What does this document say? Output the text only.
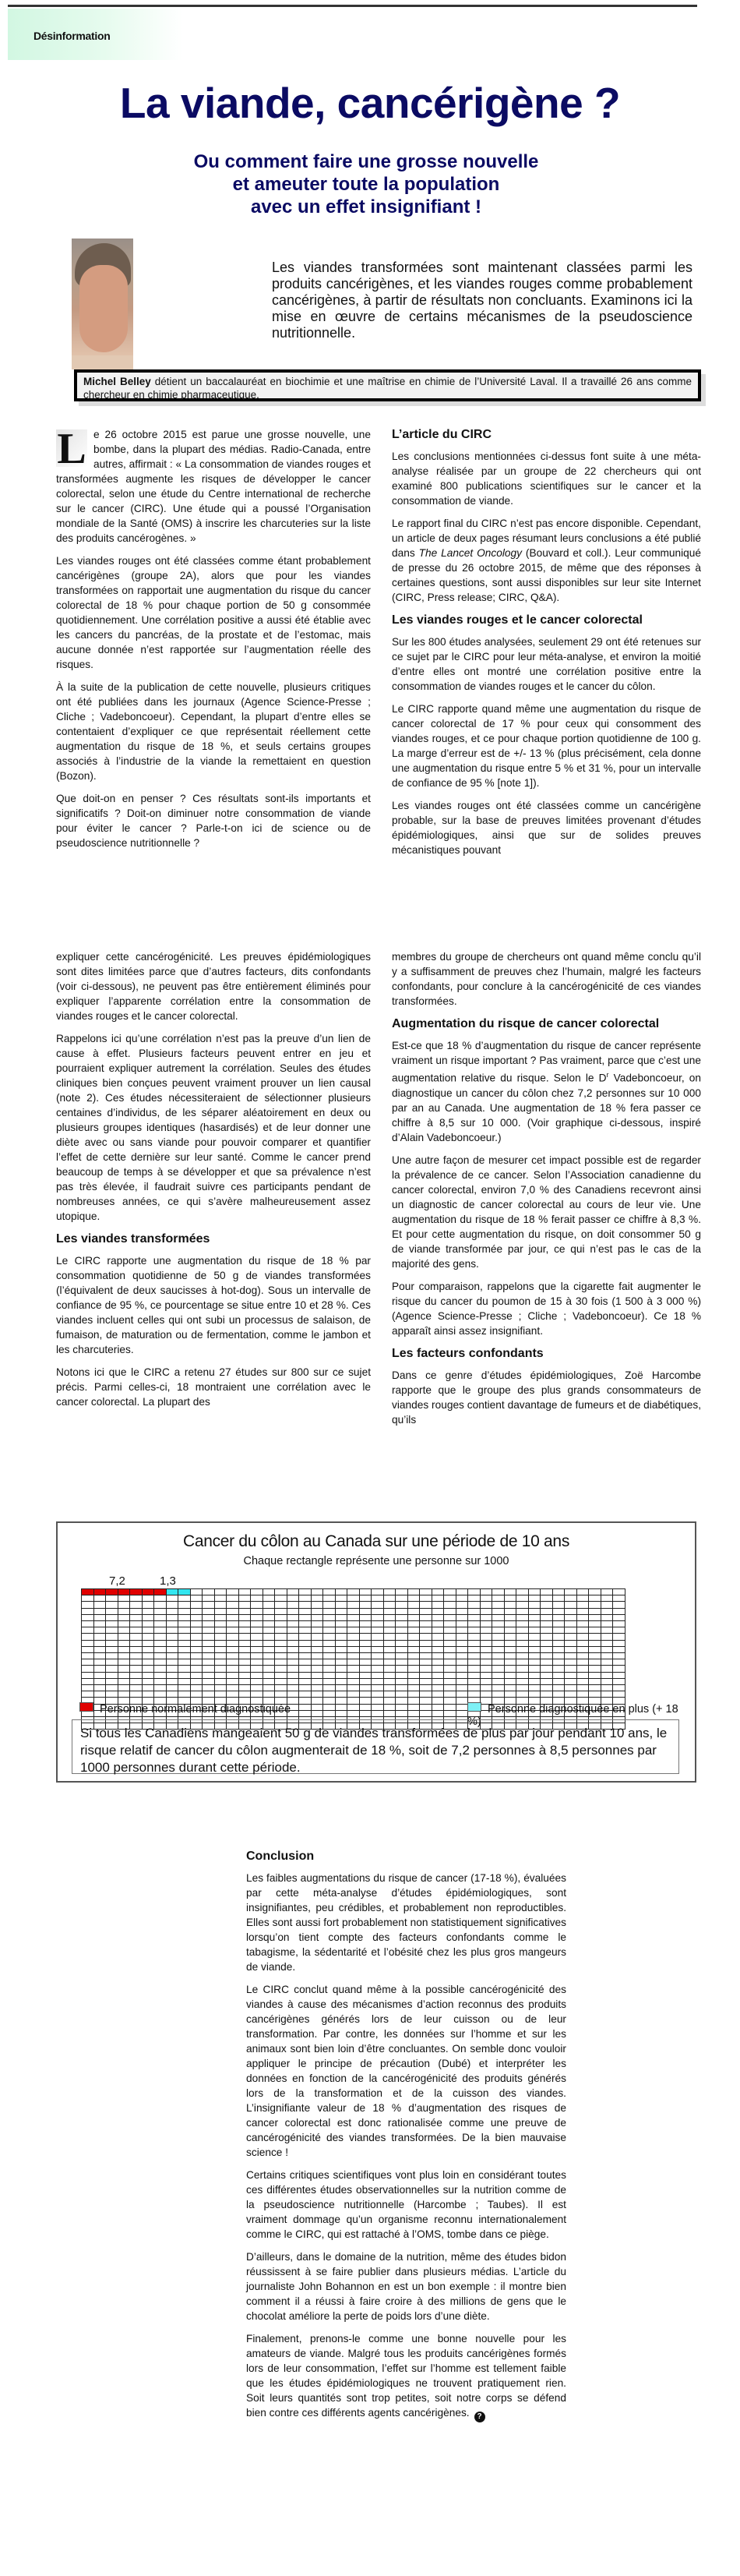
Désinformation
La viande, cancérigène ?
Ou comment faire une grosse nouvelle
et ameuter toute la population
avec un effet insignifiant !
Les viandes transformées sont maintenant classées parmi les produits cancérigènes, et les viandes rouges comme probablement cancérigènes, à partir de résultats non concluants. Examinons ici la mise en œuvre de certains mécanismes de la pseudoscience nutritionnelle.
Michel Belley détient un baccalauréat en biochimie et une maîtrise en chimie de l’Université Laval. Il a travaillé 26 ans comme chercheur en chimie pharmaceutique.

L e 26 octobre 2015 est parue une grosse nouvelle, une bombe, dans la plupart des médias. Radio-Canada, entre autres, affirmait : « La consommation de viandes rouges et transformées augmente les risques de développer le cancer colorectal, selon une étude du Centre international de recherche sur le cancer (CIRC). Une étude qui a poussé l’Organisation mondiale de la Santé (OMS) à inscrire les charcuteries sur la liste des produits cancérogènes. »

Les viandes rouges ont été classées comme étant probablement cancérigènes (groupe 2A), alors que pour les viandes transformées on rapportait une augmentation du risque du cancer colorectal de 18 % pour chaque portion de 50 g consommée quotidiennement. Une corrélation positive a aussi été établie avec les cancers du pancréas, de la prostate et de l’estomac, mais aucune donnée n’est rapportée sur l’augmentation réelle des risques.

À la suite de la publication de cette nouvelle, plusieurs critiques ont été publiées dans les journaux (Agence Science-Presse ; Cliche ; Vadeboncoeur). Cependant, la plupart d’entre elles se contentaient d’expliquer ce que représentait réellement cette augmentation du risque de 18 %, et seuls certains groupes associés à l’industrie de la viande la remettaient en question (Bozon).

Que doit-on en penser ? Ces résultats sont-ils importants et significatifs ? Doit-on diminuer notre consommation de viande pour éviter le cancer ? Parle-t-on ici de science ou de pseudoscience nutritionnelle ?

L’article du CIRC

Les conclusions mentionnées ci-dessus font suite à une méta-analyse réalisée par un groupe de 22 chercheurs qui ont examiné 800 publications scientifiques sur le cancer et la consommation de viande.

Le rapport final du CIRC n’est pas encore disponible. Cependant, un article de deux pages résumant leurs conclusions a été publié dans The Lancet Oncology (Bouvard et coll.). Leur communiqué de presse du 26 octobre 2015, de même que des réponses à certaines questions, sont aussi disponibles sur leur site Internet (CIRC, Press release; CIRC, Q&A).

Les viandes rouges et le cancer colorectal

Sur les 800 études analysées, seulement 29 ont été retenues sur ce sujet par le CIRC pour leur méta-analyse, et environ la moitié d’entre elles ont montré une corrélation positive entre la consommation de viandes rouges et le cancer du côlon.

Le CIRC rapporte quand même une augmentation du risque de cancer colorectal de 17 % pour ceux qui consomment des viandes rouges, et ce pour chaque portion quotidienne de 100 g. La marge d’erreur est de +/- 13 % (plus précisément, cela donne une augmentation du risque entre 5 % et 31 %, pour un intervalle de confiance de 95 % [note 1]).

Les viandes rouges ont été classées comme un cancérigène probable, sur la base de preuves limitées provenant d’études épidémiologiques, ainsi que sur de solides preuves mécanistiques pouvant

expliquer cette cancérogénicité. Les preuves épidémiologiques sont dites limitées parce que d’autres facteurs, dits confondants (voir ci-dessous), ne peuvent pas être entièrement éliminés pour expliquer l’apparente corrélation entre la consommation de viandes rouges et le cancer colorectal.

Rappelons ici qu’une corrélation n’est pas la preuve d’un lien de cause à effet. Plusieurs facteurs peuvent entrer en jeu et pourraient expliquer autrement la corrélation. Seules des études cliniques bien conçues peuvent vraiment prouver un lien causal (note 2). Ces études nécessiteraient de sélectionner plusieurs centaines d’individus, de les séparer aléatoirement en deux ou plusieurs groupes identiques (hasardisés) et de leur donner une diète avec ou sans viande pour pouvoir comparer et quantifier l’effet de cette dernière sur leur santé. Comme le cancer prend beaucoup de temps à se développer et que sa prévalence n’est pas très élevée, il faudrait suivre ces participants pendant de nombreuses années, ce qui s’avère malheureusement assez utopique.

Les viandes transformées

Le CIRC rapporte une augmentation du risque de 18 % par consommation quotidienne de 50 g de viandes transformées (l’équivalent de deux saucisses à hot-dog). Sous un intervalle de confiance de 95 %, ce pourcentage se situe entre 10 et 28 %. Ces viandes incluent celles qui ont subi un processus de salaison, de fumaison, de maturation ou de fermentation, comme le jambon et les charcuteries.

Notons ici que le CIRC a retenu 27 études sur 800 sur ce sujet précis. Parmi celles-ci, 18 montraient une corrélation avec le cancer colorectal. La plupart des

membres du groupe de chercheurs ont quand même conclu qu’il y a suffisamment de preuves chez l’humain, malgré les facteurs confondants, pour conclure à la cancérogénicité de ces viandes transformées.

Augmentation du risque de cancer colorectal

Est-ce que 18 % d’augmentation du risque de cancer représente vraiment un risque important ? Pas vraiment, parce que c’est une augmentation relative du risque. Selon le $D^r$ Vadeboncoeur, on diagnostique un cancer du côlon chez 7,2 personnes sur 10 000 par an au Canada. Une augmentation de 18 % fera passer ce chiffre à 8,5 sur 10 000. (Voir graphique ci-dessous, inspiré d’Alain Vadeboncoeur.)

Une autre façon de mesurer cet impact possible est de regarder la prévalence de ce cancer. Selon l’Association canadienne du cancer colorectal, environ 7,0 % des Canadiens recevront ainsi un diagnostic de cancer colorectal au cours de leur vie. Une augmentation du risque de 18 % ferait passer ce chiffre à 8,3 %. Et pour cette augmentation du risque, on doit consommer 50 g de viande transformée par jour, ce qui n’est pas le cas de la majorité des gens.

Pour comparaison, rappelons que la cigarette fait augmenter le risque du cancer du poumon de 15 à 30 fois (1 500 à 3 000 %) (Agence Science-Presse ; Cliche ; Vadeboncoeur). Ce 18 % apparaît ainsi assez insignifiant.

Les facteurs confondants

Dans ce genre d’études épidémiologiques, Zoë Harcombe rapporte que le groupe des plus grands consommateurs de viandes rouges contient davantage de fumeurs et de diabétiques, qu’ils

Cancer du côlon au Canada sur une période de 10 ans
Chaque rectangle représente une personne sur 1000
7,2	1,3
Personne normalement diagnostiquée	Personne diagnostiquée en plus (+ 18 %)
Si tous les Canadiens mangeaient 50 g de viandes transformées de plus par jour pendant 10 ans, le risque relatif de cancer du côlon augmenterait de 18 %, soit de 7,2 personnes à 8,5 personnes par 1000 personnes durant cette période.
Conclusion

Les faibles augmentations du risque de cancer (17-18 %), évaluées par cette méta-analyse d’études épidémiologiques, sont insignifiantes, peu crédibles, et probablement non reproductibles. Elles sont aussi fort probablement non statistiquement significatives lorsqu’on tient compte des facteurs confondants comme le tabagisme, la sédentarité et l’obésité chez les plus gros mangeurs de viande.

Le CIRC conclut quand même à la possible cancérogénicité des viandes à cause des mécanismes d’action reconnus des produits cancérigènes générés lors de leur cuisson ou de leur transformation. Par contre, les données sur l’homme et sur les animaux sont bien loin d’être concluantes. On semble donc vouloir appliquer le principe de précaution (Dubé) et interpréter les données en fonction de la cancérogénicité des produits générés lors de la transformation et de la cuisson des viandes. L’insignifiante valeur de 18 % d’augmentation des risques de cancer colorectal est donc rationalisée comme une preuve de cancérogénicité des viandes transformées. De la bien mauvaise science !

Certains critiques scientifiques vont plus loin en considérant toutes ces différentes études observationnelles sur la nutrition comme de la pseudoscience nutritionnelle (Harcombe ; Taubes). Il est vraiment dommage qu’un organisme reconnu internationalement comme le CIRC, qui est rattaché à l’OMS, tombe dans ce piège.

D’ailleurs, dans le domaine de la nutrition, même des études bidon réussissent à se faire publier dans plusieurs médias. L’article du journaliste John Bohannon en est un bon exemple : il montre bien comment il a réussi à faire croire à des millions de gens que le chocolat améliore la perte de poids lors d’une diète.

Finalement, prenons-le comme une bonne nouvelle pour les amateurs de viande. Malgré tous les produits cancérigènes formés lors de leur consommation, l’effet sur l’homme est tellement faible que les études épidémiologiques ne trouvent pratiquement rien. Soit leurs quantités sont trop petites, soit notre corps se défend bien contre ces différents agents cancérigènes. ?
